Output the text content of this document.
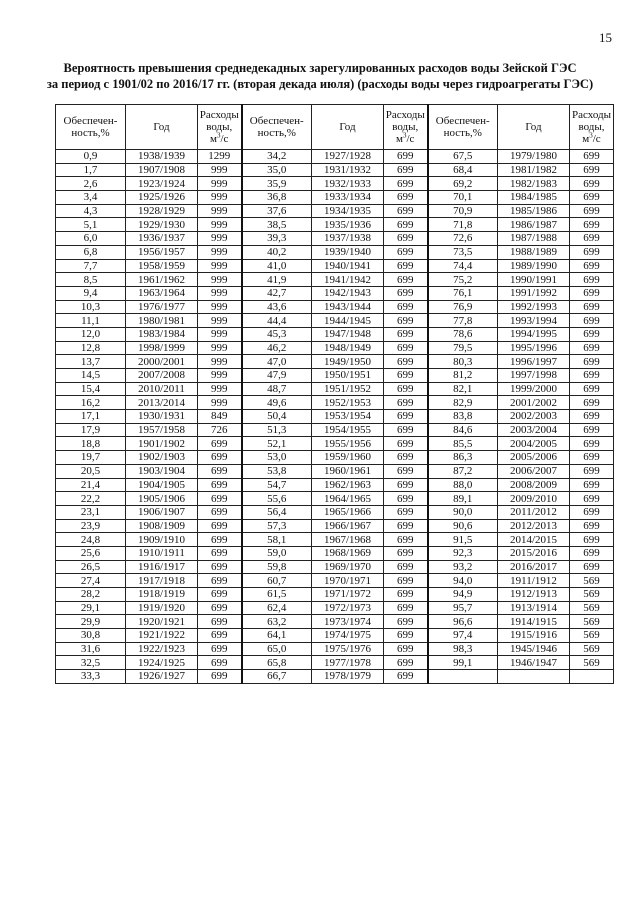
15
Вероятность превышения среднедекадных зарегулированных расходов воды Зейской ГЭС
за период с 1901/02 по 2016/17 гг. (вторая декада июля) (расходы воды через гидроагрегаты ГЭС)
Обеспечен-
ность,%	Год	Расходы
воды,
$м^3/с$	Обеспечен-
ность,%	Год	Расходы
воды,
$м^3/с$	Обеспечен-
ность,%	Год	Расходы
воды,
$м^3/с$
0,9	1938/1939	1299	34,2	1927/1928	699	67,5	1979/1980	699
1,7	1907/1908	999	35,0	1931/1932	699	68,4	1981/1982	699
2,6	1923/1924	999	35,9	1932/1933	699	69,2	1982/1983	699
3,4	1925/1926	999	36,8	1933/1934	699	70,1	1984/1985	699
4,3	1928/1929	999	37,6	1934/1935	699	70,9	1985/1986	699
5,1	1929/1930	999	38,5	1935/1936	699	71,8	1986/1987	699
6,0	1936/1937	999	39,3	1937/1938	699	72,6	1987/1988	699
6,8	1956/1957	999	40,2	1939/1940	699	73,5	1988/1989	699
7,7	1958/1959	999	41,0	1940/1941	699	74,4	1989/1990	699
8,5	1961/1962	999	41,9	1941/1942	699	75,2	1990/1991	699
9,4	1963/1964	999	42,7	1942/1943	699	76,1	1991/1992	699
10,3	1976/1977	999	43,6	1943/1944	699	76,9	1992/1993	699
11,1	1980/1981	999	44,4	1944/1945	699	77,8	1993/1994	699
12,0	1983/1984	999	45,3	1947/1948	699	78,6	1994/1995	699
12,8	1998/1999	999	46,2	1948/1949	699	79,5	1995/1996	699
13,7	2000/2001	999	47,0	1949/1950	699	80,3	1996/1997	699
14,5	2007/2008	999	47,9	1950/1951	699	81,2	1997/1998	699
15,4	2010/2011	999	48,7	1951/1952	699	82,1	1999/2000	699
16,2	2013/2014	999	49,6	1952/1953	699	82,9	2001/2002	699
17,1	1930/1931	849	50,4	1953/1954	699	83,8	2002/2003	699
17,9	1957/1958	726	51,3	1954/1955	699	84,6	2003/2004	699
18,8	1901/1902	699	52,1	1955/1956	699	85,5	2004/2005	699
19,7	1902/1903	699	53,0	1959/1960	699	86,3	2005/2006	699
20,5	1903/1904	699	53,8	1960/1961	699	87,2	2006/2007	699
21,4	1904/1905	699	54,7	1962/1963	699	88,0	2008/2009	699
22,2	1905/1906	699	55,6	1964/1965	699	89,1	2009/2010	699
23,1	1906/1907	699	56,4	1965/1966	699	90,0	2011/2012	699
23,9	1908/1909	699	57,3	1966/1967	699	90,6	2012/2013	699
24,8	1909/1910	699	58,1	1967/1968	699	91,5	2014/2015	699
25,6	1910/1911	699	59,0	1968/1969	699	92,3	2015/2016	699
26,5	1916/1917	699	59,8	1969/1970	699	93,2	2016/2017	699
27,4	1917/1918	699	60,7	1970/1971	699	94,0	1911/1912	569
28,2	1918/1919	699	61,5	1971/1972	699	94,9	1912/1913	569
29,1	1919/1920	699	62,4	1972/1973	699	95,7	1913/1914	569
29,9	1920/1921	699	63,2	1973/1974	699	96,6	1914/1915	569
30,8	1921/1922	699	64,1	1974/1975	699	97,4	1915/1916	569
31,6	1922/1923	699	65,0	1975/1976	699	98,3	1945/1946	569
32,5	1924/1925	699	65,8	1977/1978	699	99,1	1946/1947	569
33,3	1926/1927	699	66,7	1978/1979	699			
